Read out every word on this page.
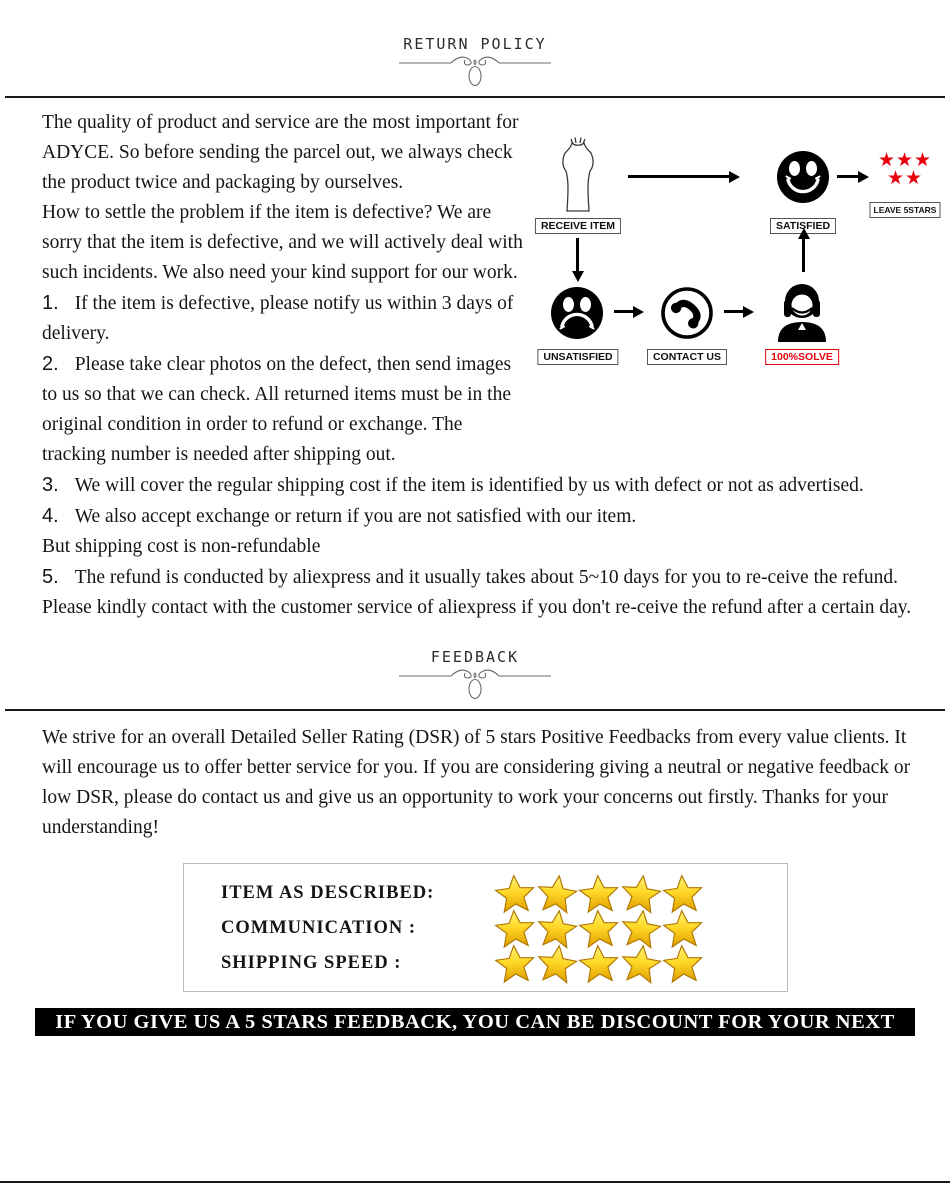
RETURN POLICY
RECEIVE ITEM	SATISFIED
★★★
★★
LEAVE 5STARS
UNSATISFIED	CONTACT US	100%SOLVE

The quality of product and service are the most important for ADYCE. So before sending the parcel out, we always check the product twice and packaging by ourselves.

How to settle the problem if the item is defective? We are sorry that the item is defective, and we will actively deal with such incidents. We also need your kind support for our work.

1. If the item is defective, please notify us within 3 days of delivery.

2. Please take clear photos on the defect, then send images to us so that we can check. All returned items must be in the original condition in order to refund or exchange. The tracking number is needed after shipping out.

3. We will cover the regular shipping cost if the item is identified by us with defect or not as advertised.

4. We also accept exchange or return if you are not satisfied with our item.
But shipping cost is non-refundable

5. The refund is conducted by aliexpress and it usually takes about 5~10 days for you to re-ceive the refund. Please kindly contact with the customer service of aliexpress if you don't re-ceive the refund after a certain day.

FEEDBACK

We strive for an overall Detailed Seller Rating (DSR) of 5 stars Positive Feedbacks from every value clients. It will encourage us to offer better service for you. If you are considering giving a neutral or negative feedback or low DSR, please do contact us and give us an opportunity to work your concerns out firstly. Thanks for your understanding!

ITEM AS DESCRIBED:
COMMUNICATION :
SHIPPING SPEED :
IF YOU GIVE US A 5 STARS FEEDBACK, YOU CAN BE DISCOUNT FOR YOUR NEXT ORDER
